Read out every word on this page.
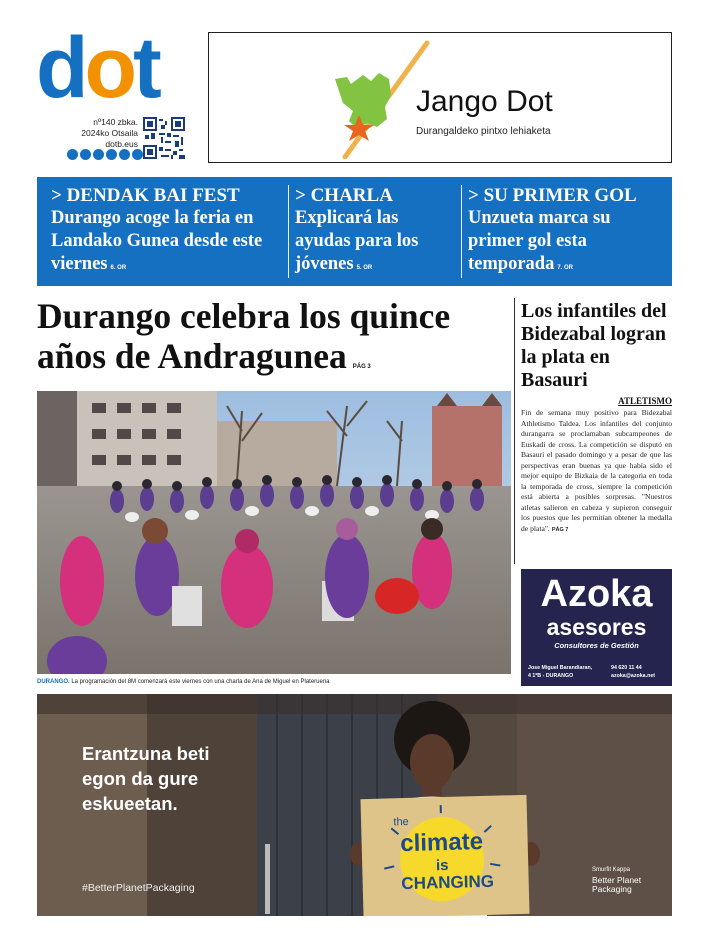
dot
nº140 zbka.
2024ko Otsaila
dotb.eus
Jango Dot
Durangaldeko pintxo lehiaketa
> DENDAK BAI FEST
Durango acoge la feria en Landako Gunea desde este viernes 6. OR
> CHARLA
Explicará las ayudas para los jóvenes 5. OR
> SU PRIMER GOL
Unzueta marca su primer gol esta temporada 7. OR
Durango celebra los quince años de Andragunea PÁG 3
DURANGO. La programación del 8M comenzará este viernes con una charla de Ana de Miguel en Plateruena
Los infantiles del Bidezabal logran la plata en Basauri
ATLETISMO
Fin de semana muy positivo para Bidezabal Athletismo Taldea. Los infantiles del conjunto durangarra se proclamaban subcampeones de Euskadi de cross. La competición se disputó en Basauri el pasado domingo y a pesar de que las perspectivas eran buenas ya que había sido el mejor equipo de Bizkaia de la categoria en toda la temporada de cross, siempre la competición está abierta a posibles sorpresas. "Nuestros atletas salieron en cabeza y supieron conseguir los puestos que les permitían obtener la medalla de plata". PÁG 7
Azoka
asesores
Consultores de Gestión
Jose Miguel Barandiaran,
4 1ºB - DURANGO
94 620 11 44
azoka@azoka.net
Erantzuna beti egon da gure eskueetan.
#BetterPlanetPackaging
the
climate
is
CHANGING
Smurfit Kappa
Better Planet
Packaging
